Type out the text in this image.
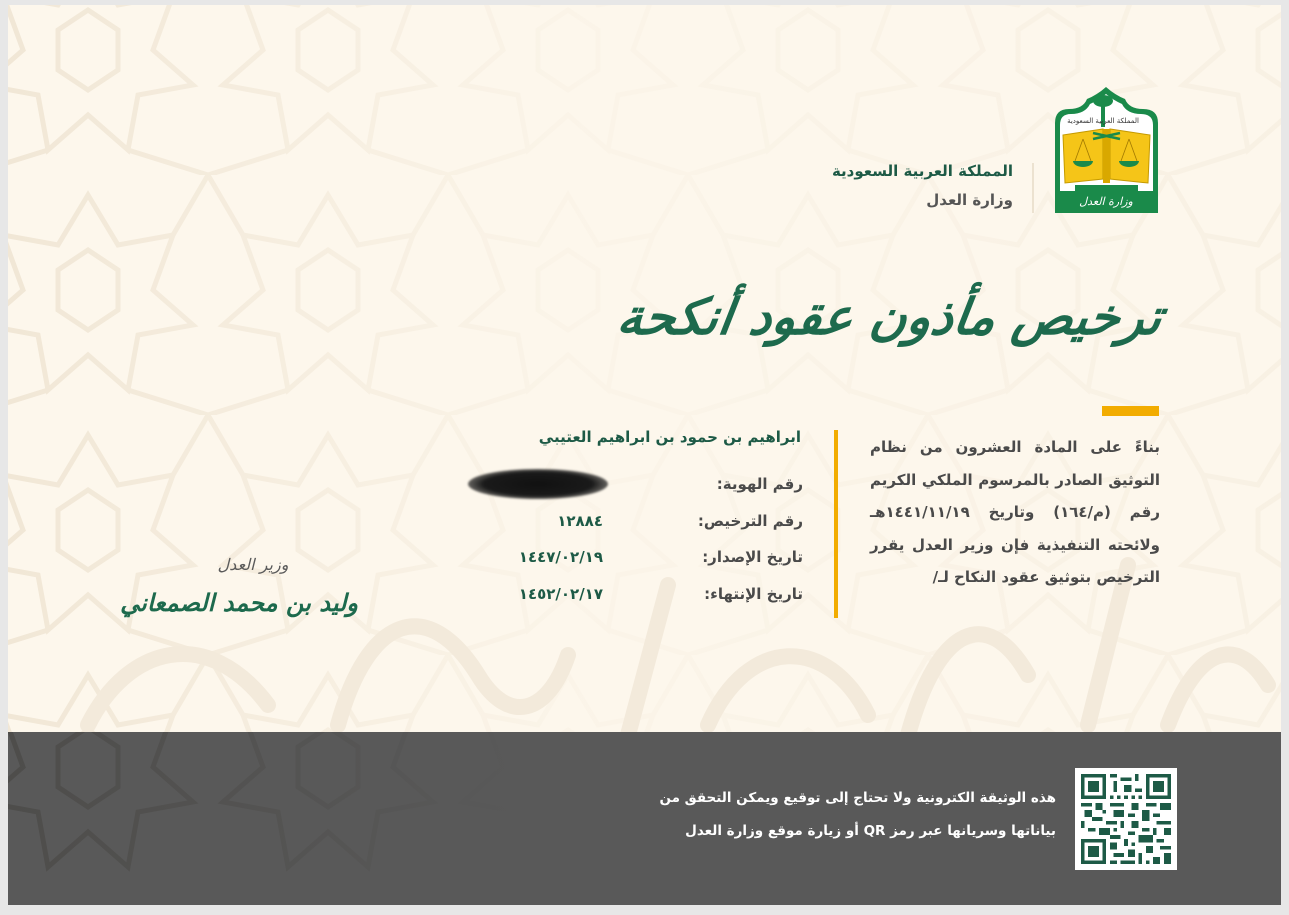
المملكة العربية السعودية
وزارة العدل
المملكة العربية السعودية
وزارة العدل
ترخيص مأذون عقود أنكحة
بناءً على المادة العشرون من نظام التوثيق الصادر بالمرسوم الملكي الكريم رقم (م/١٦٤) وتاريخ ١٤٤١/١١/١٩هـ ولائحته التنفيذية فإن وزير العدل يقرر الترخيص بتوثيق عقود النكاح لـ/
ابراهيم بن حمود بن ابراهيم العتيبي
رقم الهوية:
رقم الترخيص:
١٢٨٨٤
تاريخ الإصدار:
١٤٤٧/٠٢/١٩
تاريخ الإنتهاء:
١٤٥٢/٠٢/١٧
وزير العدل
وليد بن محمد الصمعاني
هذه الوثيقة الكترونية ولا تحتاج إلى توقيع ويمكن التحقق من
بياناتها وسريانها عبر رمز QR أو زيارة موقع وزارة العدل
